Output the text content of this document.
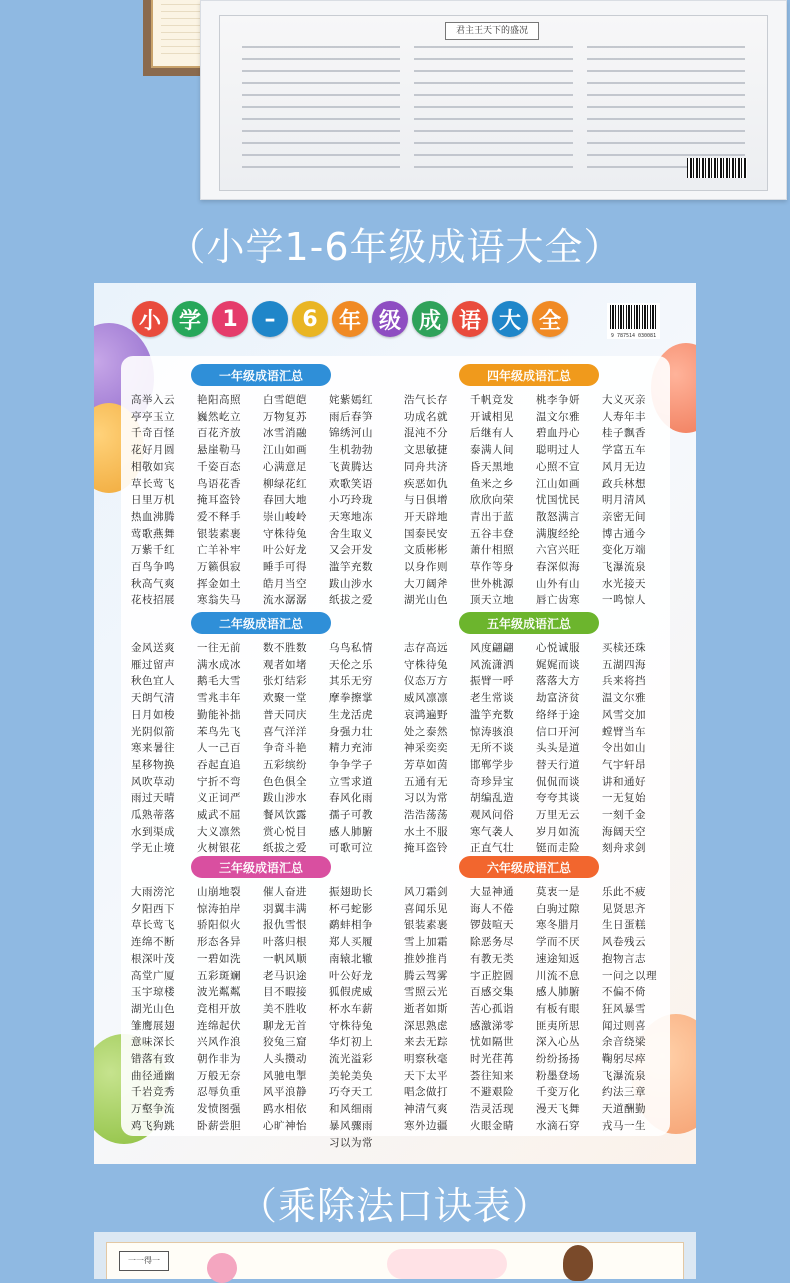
君主王天下的盛况
（小学1-6年级成语大全）
小 学 1	–	6 年 级 成 语 大 全
9 787514 030081
一年级成语汇总
高举入云
亭亭玉立
千奇百怪
花好月圆
相敬如宾
草长莺飞
日里万机
热血沸腾
莺歌燕舞
万紫千红
百鸟争鸣
秋高气爽
花枝招展
艳阳高照
巍然屹立
百花齐放
悬崖勒马
千姿百态
鸟语花香
掩耳盗铃
爱不释手
银装素裹
亡羊补牢
万籁俱寂
挥金如土
寒翁失马
白雪皑皑
万物复苏
冰雪消融
江山如画
心满意足
柳绿花红
春回大地
崇山峻岭
守株待兔
叶公好龙
睡手可得
皓月当空
流水潺潺
姹紫嫣红
雨后春笋
锦绣河山
生机勃勃
飞黄腾达
欢歌笑语
小巧玲珑
天寒地冻
舍生取义
又会开发
滥竽充数
跋山涉水
纸拔之爱
四年级成语汇总
浩气长存
功成名就
混沌不分
文思敏捷
同舟共济
疾恶如仇
与日俱增
开天辟地
国泰民安
文质彬彬
以身作则
大刀阔斧
湖光山色
千帆竞发
开诚相见
后继有人
泰满人间
昏天黑地
鱼米之乡
欣欣向荣
青出于蓝
五谷丰登
萧什相照
草作等身
世外桃源
顶天立地
桃李争妍
温文尔雅
碧血丹心
聪明过人
心照不宣
江山如画
忧国忧民
散怒满言
满腹经纶
六宫兴旺
春深似海
山外有山
唇亡齿寒
大义灭亲
人寿年丰
桂子飘香
学富五车
风月无边
政兵林想
明月清风
亲密无间
博古通今
变化万端
飞瀑流泉
水光接天
一鸣惊人
二年级成语汇总
金风送爽
雁过留声
秋色宜人
天朗气清
日月如梭
光阴似箭
寒来暑往
星移物换
风吹草动
雨过天晴
瓜熟蒂落
水到渠成
学无止境
一往无前
满水成冰
鹅毛大雪
雪兆丰年
勤能补拙
苯鸟先飞
人一己百
吞起直追
宁折不弯
义正词严
威武不屈
大义凛然
火树银花
数不胜数
观者如堵
张灯结彩
欢聚一堂
普天同庆
喜气洋洋
争奇斗艳
五彩缤纷
色色俱全
跋山涉水
餐风饮露
赏心悦目
纸拔之爱
乌鸟私情
天伦之乐
其乐无穷
摩拳擦掌
生龙活虎
身强力壮
精力充沛
争争学子
立雪求道
春风化雨
孺子可教
感人肺腑
可歌可泣
五年级成语汇总
志存高远
守株待兔
仪态万方
威风凛凛
哀鸿遍野
处之泰然
神采奕奕
芳草如茵
五通有无
习以为常
浩浩荡荡
水土不服
掩耳盗铃
风度翩翩
风流潇洒
振臂一呼
老生常谈
滥竽充数
惊涛骇浪
无所不谈
邯郸学步
奇珍异宝
胡编乱造
观风问俗
寒气袭人
正直气壮
心悦诚服
娓娓而谈
落落大方
劫富济贫
络绎于途
信口开河
头头是道
替天行道
侃侃而谈
夸夸其谈
万里无云
岁月如流
铤而走险
买椟还珠
五湖四海
兵来将挡
温文尔雅
风雪交加
螳臂当车
令出如山
气宇轩昂
讲和通好
一无复始
一刻千金
海阔天空
刻舟求剑
三年级成语汇总
大雨滂沱
夕阳西下
草长莺飞
连绵不断
根深叶茂
高堂广厦
玉宇琼楼
湖光山色
雏鹰展翅
意味深长
错落有致
曲径通幽
千岩竞秀
万壑争流
鸡飞狗跳
山崩地裂
惊涛拍岸
骄阳似火
形态各异
一碧如洗
五彩斑斓
波光粼粼
竞相开放
连绵起伏
兴风作浪
朝作非为
万般无奈
忍辱负重
发愤图强
卧薪尝胆
催人奋进
羽翼丰满
报仇雪恨
叶落归根
一帆风顺
老马识途
目不暇接
美不胜收
聊龙无首
狡兔三窟
人头攒动
风驰电掣
风平浪静
鸥水相依
心旷神怡
振翅助长
杯弓蛇影
鹬蚌相争
郑人买履
南辕北辙
叶公好龙
狐假虎威
杯水车薪
守株待兔
华灯初上
流光溢彩
美轮美奂
巧夺天工
和风细雨
暴风骤雨
习以为常
六年级成语汇总
风刀霜剑
喜闻乐见
银装素裹
雪上加霜
推妙推肖
腾云驾雾
雪照云光
逝者如斯
深思熟虑
来去无踪
明察秋毫
天下太平
唱念做打
神清气爽
寒外边疆
大显神通
诲人不倦
锣鼓喧天
除恶务尽
有教无类
宇正腔圆
百感交集
苦心孤诣
感激涕零
忧如隔世
时光荏苒
荟往知来
不避艰险
浩灵活现
火眼金睛
莫衷一是
白驹过隙
寒冬腊月
学而不厌
速途知返
川流不息
感人肺腑
有板有眼
匪夷所思
深入心丛
纷纷扬扬
粉墨登场
千变万化
漫天飞舞
水滴石穿
乐此不疲
见贤思齐
生日蛋糕
风卷残云
抱物言志
一问之以理
不偏不倚
狂风暴雪
闻过则喜
余音绕梁
鞠躬尽瘁
飞瀑流泉
约法三章
天道酬勤
戎马一生
（乘除法口诀表）
一一得一
